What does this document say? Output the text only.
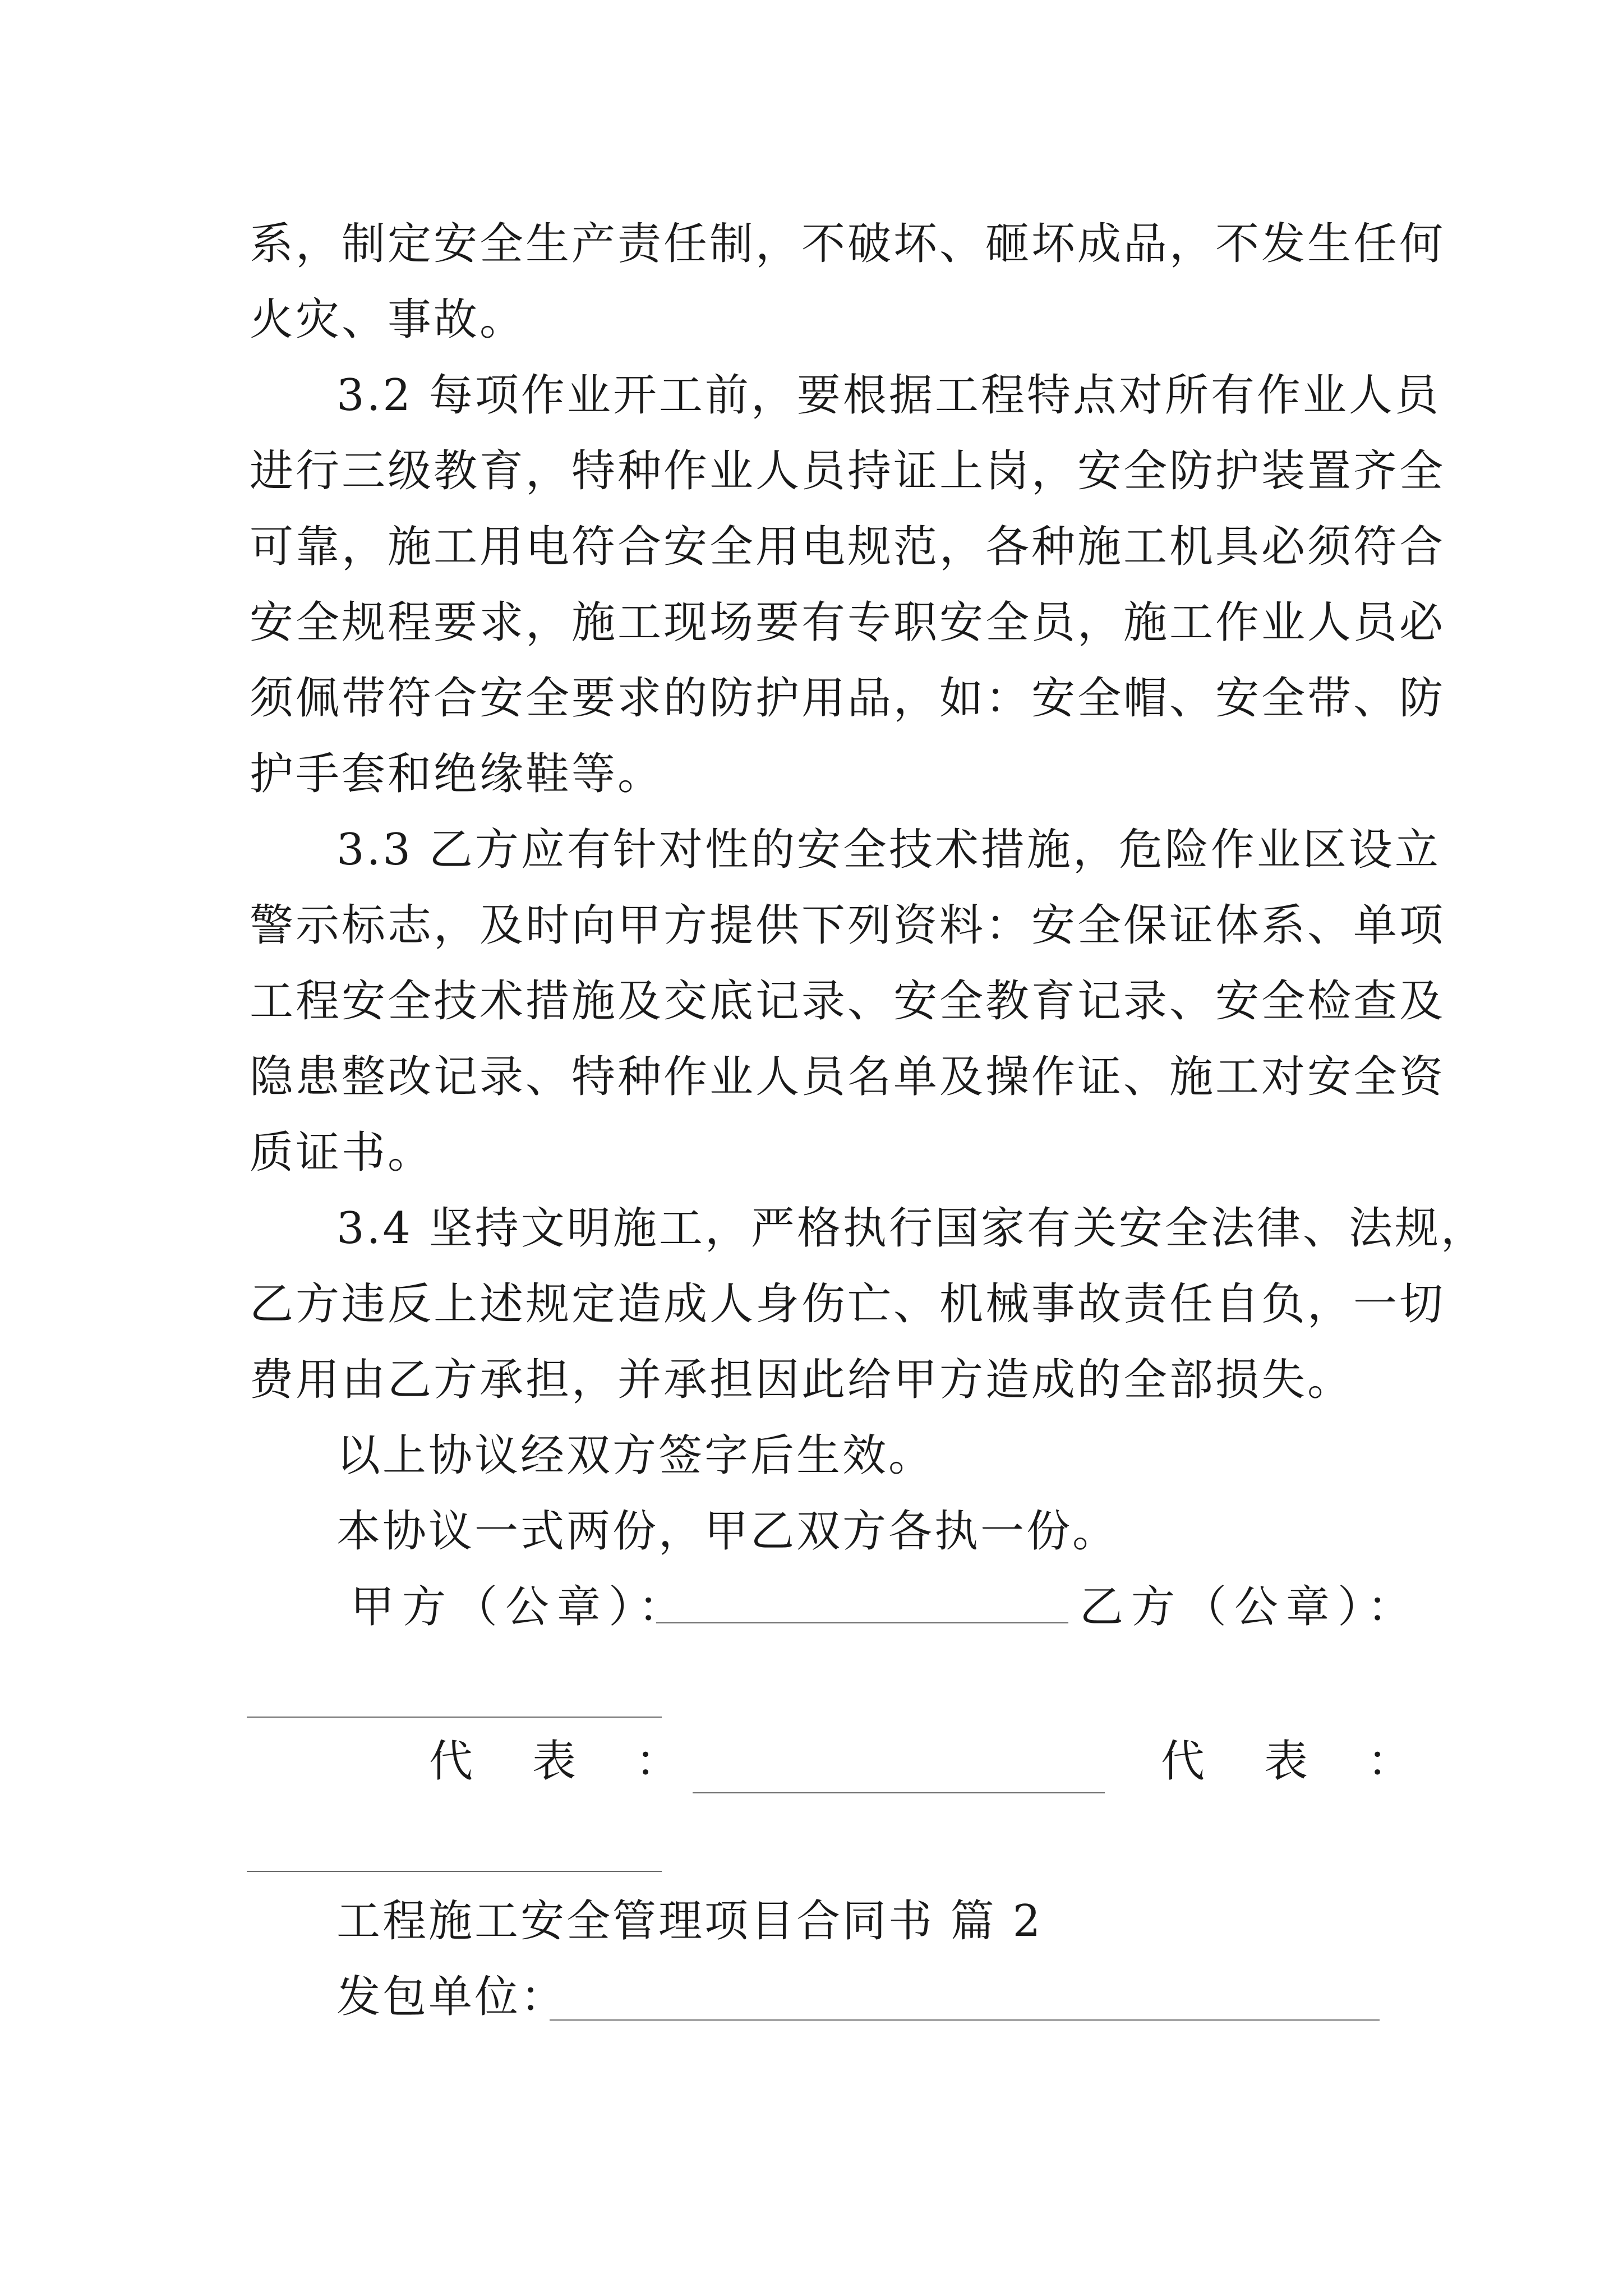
系，制定安全生产责任制，不破坏、砸坏成品，不发生任何
火灾、事故。
3.2 每项作业开工前，要根据工程特点对所有作业人员
进行三级教育，特种作业人员持证上岗，安全防护装置齐全
可靠，施工用电符合安全用电规范，各种施工机具必须符合
安全规程要求，施工现场要有专职安全员，施工作业人员必
须佩带符合安全要求的防护用品，如：安全帽、安全带、防
护手套和绝缘鞋等。
3.3 乙方应有针对性的安全技术措施，危险作业区设立
警示标志，及时向甲方提供下列资料：安全保证体系、单项
工程安全技术措施及交底记录、安全教育记录、安全检查及
隐患整改记录、特种作业人员名单及操作证、施工对安全资
质证书。
3.4 坚持文明施工，严格执行国家有关安全法律、法规，
乙方违反上述规定造成人身伤亡、机械事故责任自负，一切
费用由乙方承担，并承担因此给甲方造成的全部损失。
以上协议经双方签字后生效。
本协议一式两份，甲乙双方各执一份。
甲方（公章）：	乙方（公章）：
代　表　：	代　表　：
工程施工安全管理项目合同书 篇 2
发包单位：
